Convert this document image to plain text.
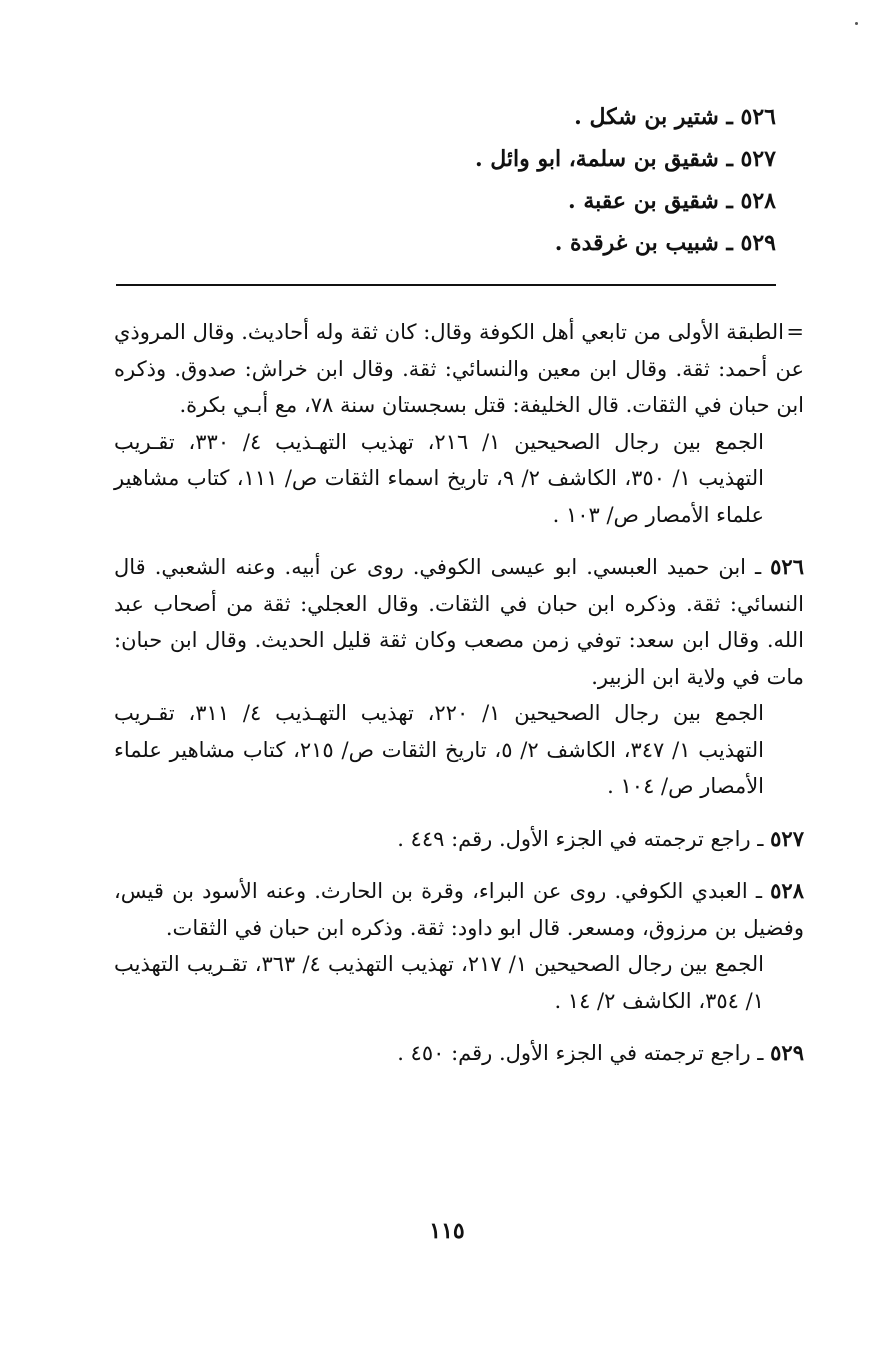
٥٢٦ ـ شتير بن شكل .
٥٢٧ ـ شقيق بن سلمة، ابو وائل .
٥٢٨ ـ شقيق بن عقبة .
٥٢٩ ـ شبيب بن غرقدة .

=الطبقة الأولى من تابعي أهل الكوفة وقال: كان ثقة وله أحاديث. وقال المروذي عن أحمد: ثقة. وقال ابن معين والنسائي: ثقة. وقال ابن خراش: صدوق. وذكره ابن حبان في الثقات. قال الخليفة: قتل بسجستان سنة ٧٨، مع أبـي بكرة.

الجمع بين رجال الصحيحين ١/ ٢١٦، تهذيب التهـذيب ٤/ ٣٣٠، تقـريب التهذيب ١/ ٣٥٠، الكاشف ٢/ ٩، تاريخ اسماء الثقات ص/ ١١١، كتاب مشاهير علماء الأمصار ص/ ١٠٣ .

٥٢٦ ـ ابن حميد العبسي. ابو عيسى الكوفي. روى عن أبيه. وعنه الشعبي. قال النسائي: ثقة. وذكره ابن حبان في الثقات. وقال العجلي: ثقة من أصحاب عبد الله. وقال ابن سعد: توفي زمن مصعب وكان ثقة قليل الحديث. وقال ابن حبان: مات في ولاية ابن الزبير.

الجمع بين رجال الصحيحين ١/ ٢٢٠، تهذيب التهـذيب ٤/ ٣١١، تقـريب التهذيب ١/ ٣٤٧، الكاشف ٢/ ٥، تاريخ الثقات ص/ ٢١٥، كتاب مشاهير علماء الأمصار ص/ ١٠٤ .

٥٢٧ ـ راجع ترجمته في الجزء الأول. رقم: ٤٤٩ .

٥٢٨ ـ العبدي الكوفي. روى عن البراء، وقرة بن الحارث. وعنه الأسود بن قيس، وفضيل بن مرزوق، ومسعر. قال ابو داود: ثقة. وذكره ابن حبان في الثقات.

الجمع بين رجال الصحيحين ١/ ٢١٧، تهذيب التهذيب ٤/ ٣٦٣، تقـريب التهذيب ١/ ٣٥٤، الكاشف ٢/ ١٤ .

٥٢٩ ـ راجع ترجمته في الجزء الأول. رقم: ٤٥٠ .

١١٥
